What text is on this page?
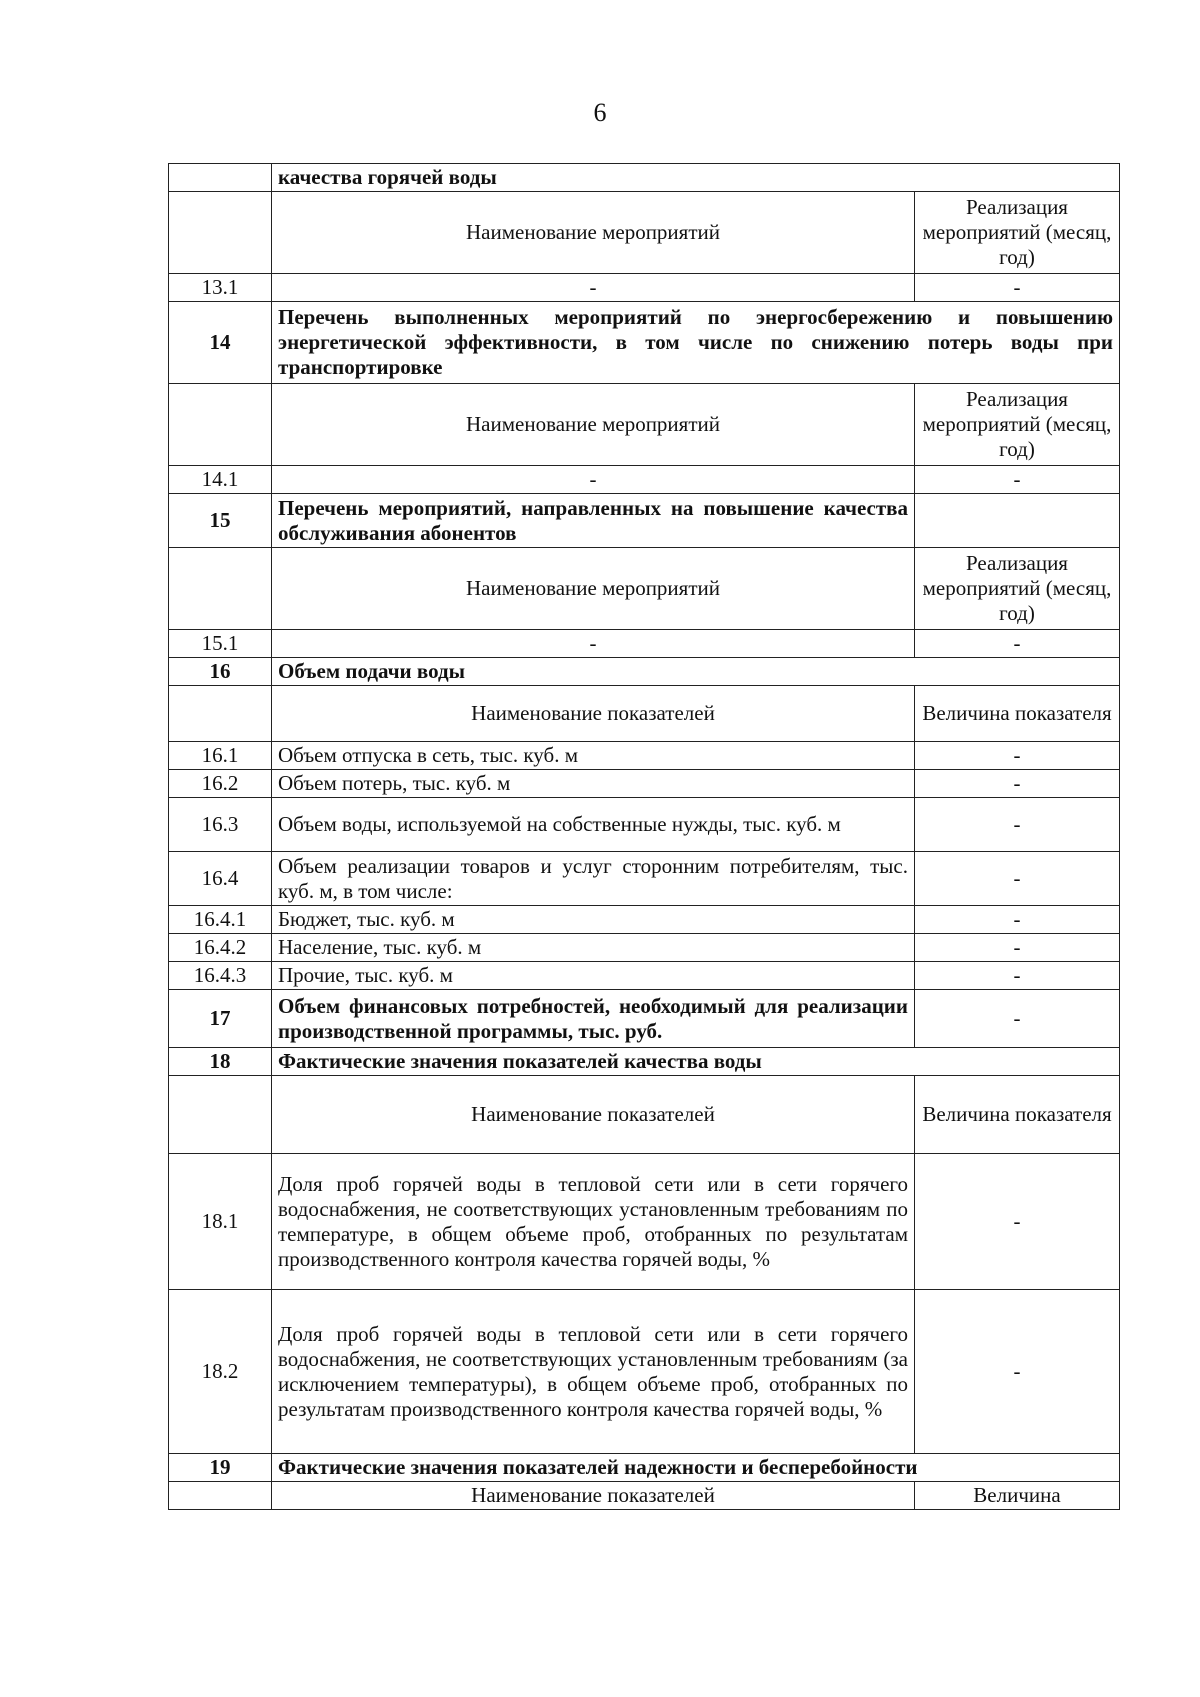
6
	качества горячей воды	
	Наименование мероприятий	Реализация мероприятий (месяц, год)
13.1	-	-
14	Перечень выполненных мероприятий по энергосбережению и повышению энергетической эффективности, в том числе по снижению потерь воды при транспортировке	
	Наименование мероприятий	Реализация мероприятий (месяц, год)
14.1	-	-
15	Перечень мероприятий, направленных на повышение качества обслуживания абонентов	
	Наименование мероприятий	Реализация мероприятий (месяц, год)
15.1	-	-
16	Объем подачи воды	
	Наименование показателей	Величина показателя
16.1	Объем отпуска в сеть, тыс. куб. м	-
16.2	Объем потерь, тыс. куб. м	-
16.3	Объем воды, используемой на собственные нужды, тыс. куб. м	-
16.4	Объем реализации товаров и услуг сторонним потребителям, тыс. куб. м, в том числе:	-
16.4.1	Бюджет, тыс. куб. м	-
16.4.2	Население, тыс. куб. м	-
16.4.3	Прочие, тыс. куб. м	-
17	Объем финансовых потребностей, необходимый для реализации производственной программы, тыс. руб.	-
18	Фактические значения показателей качества воды	
	Наименование показателей	Величина показателя
18.1	Доля проб горячей воды в тепловой сети или в сети горячего водоснабжения, не соответствующих установленным требованиям по температуре, в общем объеме проб, отобранных по результатам производственного контроля качества горячей воды, %	-
18.2	Доля проб горячей воды в тепловой сети или в сети горячего водоснабжения, не соответствующих установленным требованиям (за исключением температуры), в общем объеме проб, отобранных по результатам производственного контроля качества горячей воды, %	-
19	Фактические значения показателей надежности и бесперебойности	
	Наименование показателей	Величина
